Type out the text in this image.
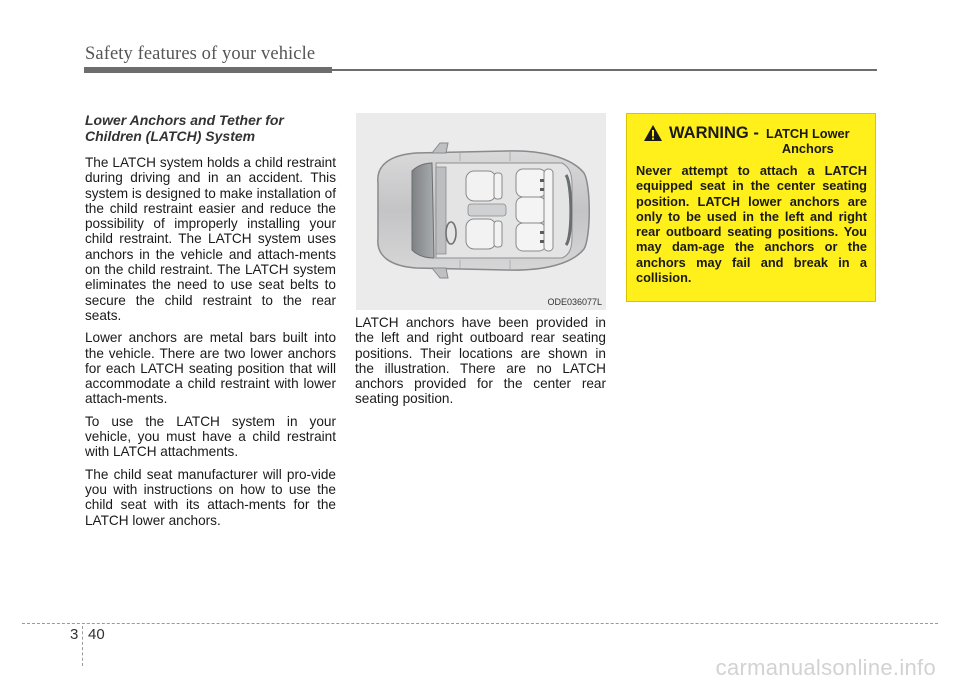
Safety features of your vehicle
Lower Anchors and Tether for Children (LATCH) System

The LATCH system holds a child restraint during driving and in an accident. This system is designed to make installation of the child restraint easier and reduce the possibility of improperly installing your child restraint. The LATCH system uses anchors in the vehicle and attach-ments on the child restraint. The LATCH system eliminates the need to use seat belts to secure the child restraint to the rear seats.

Lower anchors are metal bars built into the vehicle. There are two lower anchors for each LATCH seating position that will accommodate a child restraint with lower attach-ments.

To use the LATCH system in your vehicle, you must have a child restraint with LATCH attachments.

The child seat manufacturer will pro-vide you with instructions on how to use the child seat with its attach-ments for the LATCH lower anchors.

ODE036077L

LATCH anchors have been provided in the left and right outboard rear seating positions. Their locations are shown in the illustration. There are no LATCH anchors provided for the center rear seating position.

WARNING - LATCH Lower Anchors
Never attempt to attach a LATCH equipped seat in the center seating position. LATCH lower anchors are only to be used in the left and right rear outboard seating positions. You may dam-age the anchors or the anchors may fail and break in a collision.
3 40
carmanualsonline.info
